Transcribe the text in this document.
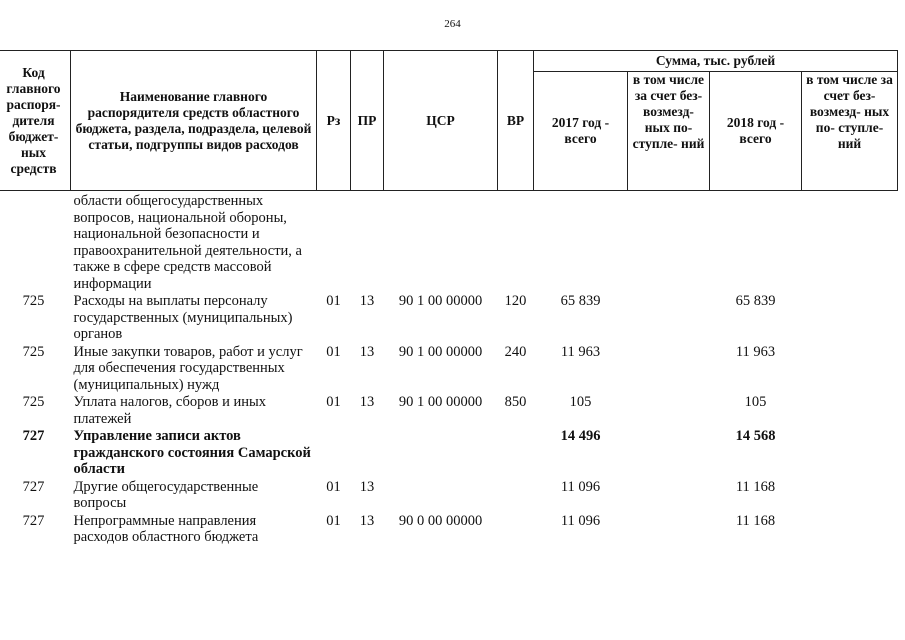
264
Код главного распоря- дителя бюджет- ных средств	Наименование главного распорядителя средств областного бюджета, раздела, подраздела, целевой статьи, подгруппы видов расходов	Рз	ПР	ЦСР	ВР	Сумма, тыс. рублей			
						2017 год - всего	в том числе за счет без- возмезд- ных по- ступле- ний	2018 год - всего	в том числе за счет без- возмезд- ных по- ступле- ний

	области общегосударственных вопросов, национальной обороны, национальной безопасности и правоохранительной деятельности, а также в сфере средств массовой информации								
725	Расходы на выплаты персоналу государственных (муниципальных) органов	01	13	90 1 00 00000	120	65 839		65 839	
725	Иные закупки товаров, работ и услуг для обеспечения государственных (муниципальных) нужд	01	13	90 1 00 00000	240	11 963		11 963	
725	Уплата налогов, сборов и иных платежей	01	13	90 1 00 00000	850	105		105	
727	Управление записи актов гражданского состояния Самарской области					14 496		14 568	
727	Другие общегосударственные вопросы	01	13			11 096		11 168	
727	Непрограммные направления расходов областного бюджета	01	13	90 0 00 00000		11 096		11 168	
